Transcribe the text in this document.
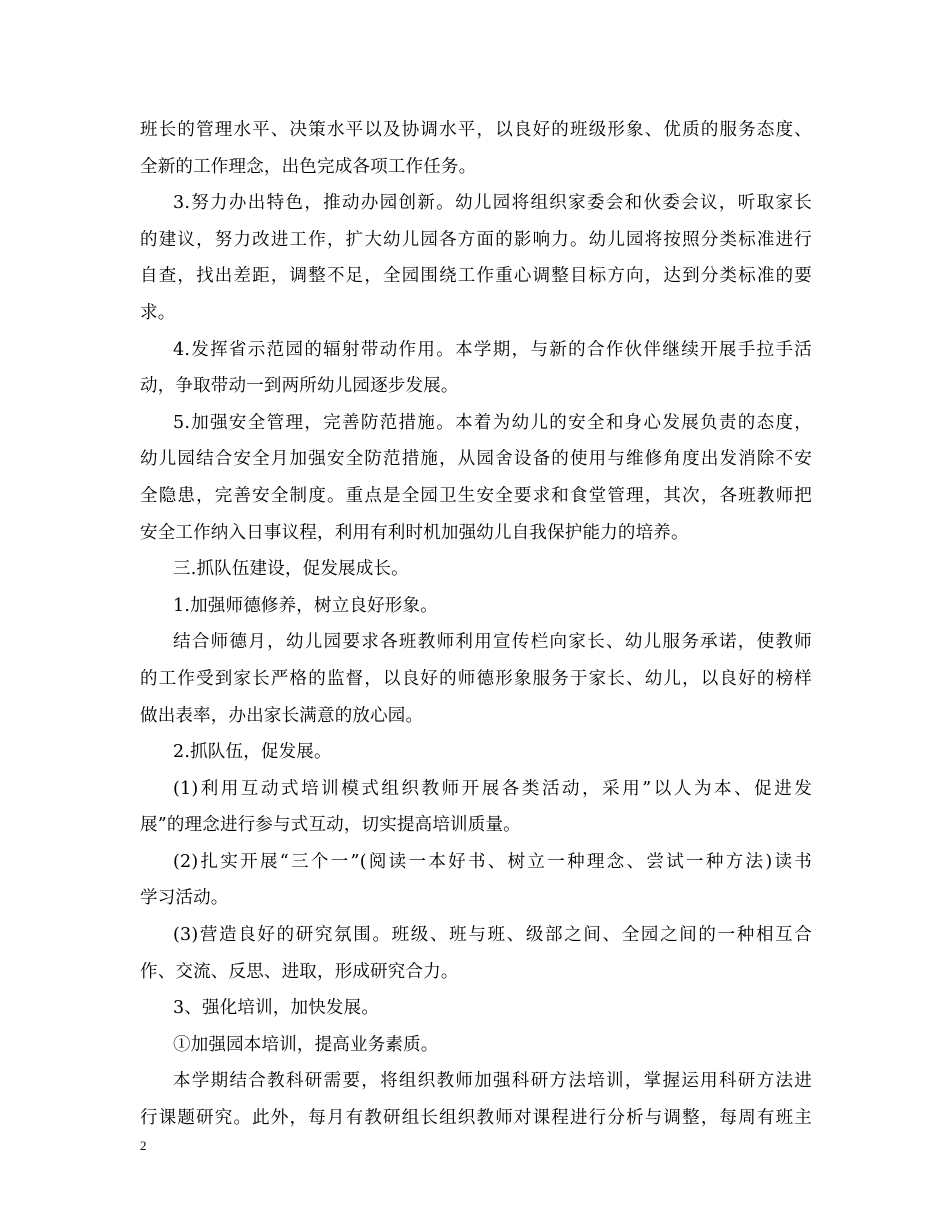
班长的管理水平、决策水平以及协调水平，以良好的班级形象、优质的服务态度、
全新的工作理念，出色完成各项工作任务。
3.努力办出特色，推动办园创新。幼儿园将组织家委会和伙委会议，听取家长
的建议，努力改进工作，扩大幼儿园各方面的影响力。幼儿园将按照分类标准进行
自查，找出差距，调整不足，全园围绕工作重心调整目标方向，达到分类标准的要
求。
4.发挥省示范园的辐射带动作用。本学期，与新的合作伙伴继续开展手拉手活
动，争取带动一到两所幼儿园逐步发展。
5.加强安全管理，完善防范措施。本着为幼儿的安全和身心发展负责的态度，
幼儿园结合安全月加强安全防范措施，从园舍设备的使用与维修角度出发消除不安
全隐患，完善安全制度。重点是全园卫生安全要求和食堂管理，其次，各班教师把
安全工作纳入日事议程，利用有利时机加强幼儿自我保护能力的培养。
三.抓队伍建设，促发展成长。
1.加强师德修养，树立良好形象。
结合师德月，幼儿园要求各班教师利用宣传栏向家长、幼儿服务承诺，使教师
的工作受到家长严格的监督，以良好的师德形象服务于家长、幼儿，以良好的榜样
做出表率，办出家长满意的放心园。
2.抓队伍，促发展。
(1)利用互动式培训模式组织教师开展各类活动，采用”以人为本、促进发
展”的理念进行参与式互动，切实提高培训质量。
(2)扎实开展“三个一”(阅读一本好书、树立一种理念、尝试一种方法)读书
学习活动。
(3)营造良好的研究氛围。班级、班与班、级部之间、全园之间的一种相互合
作、交流、反思、进取，形成研究合力。
3、强化培训，加快发展。
①加强园本培训，提高业务素质。
本学期结合教科研需要，将组织教师加强科研方法培训，掌握运用科研方法进
行课题研究。此外，每月有教研组长组织教师对课程进行分析与调整，每周有班主
2
